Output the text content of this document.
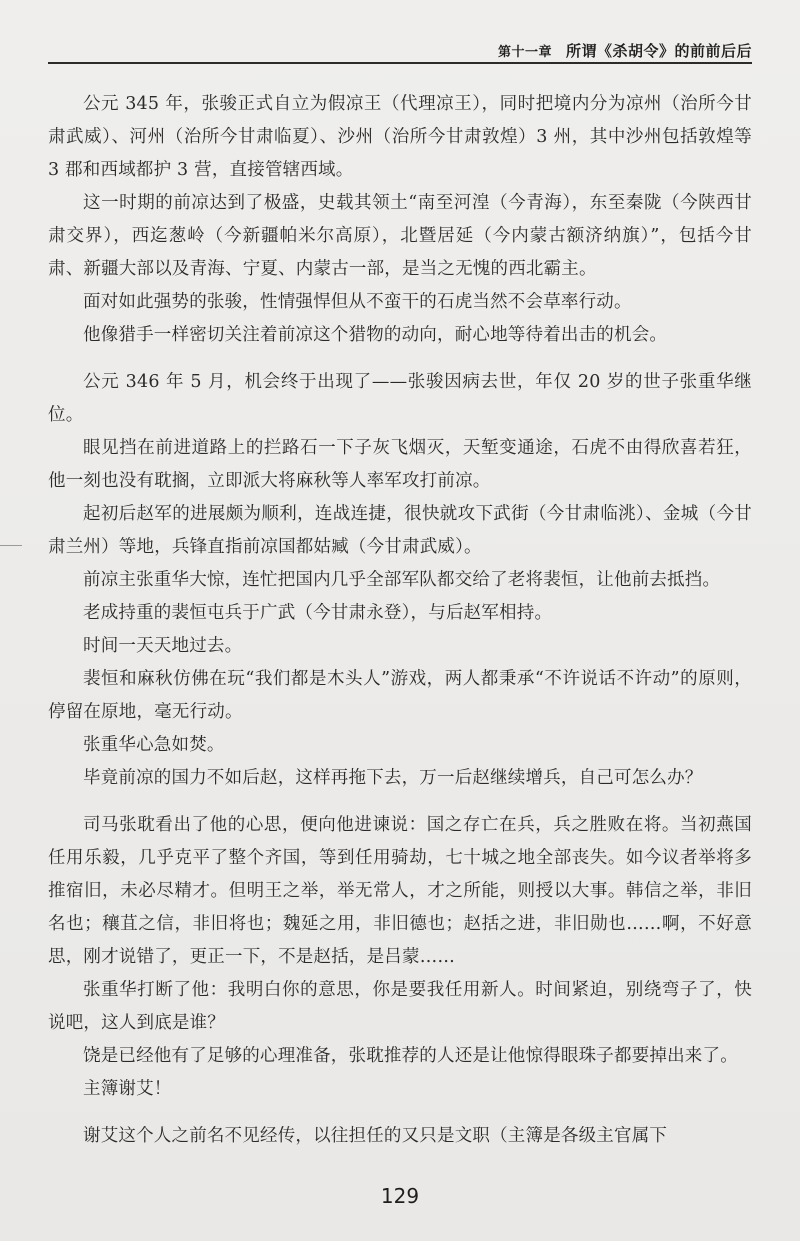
第十一章 所谓《杀胡令》的前前后后

公元 345 年，张骏正式自立为假凉王（代理凉王），同时把境内分为凉州（治所今甘肃武威）、河州（治所今甘肃临夏）、沙州（治所今甘肃敦煌）3 州，其中沙州包括敦煌等 3 郡和西域都护 3 营，直接管辖西域。

这一时期的前凉达到了极盛，史载其领土“南至河湟（今青海），东至秦陇（今陕西甘肃交界），西迄葱岭（今新疆帕米尔高原），北暨居延（今内蒙古额济纳旗）”，包括今甘肃、新疆大部以及青海、宁夏、内蒙古一部，是当之无愧的西北霸主。

面对如此强势的张骏，性情强悍但从不蛮干的石虎当然不会草率行动。

他像猎手一样密切关注着前凉这个猎物的动向，耐心地等待着出击的机会。

公元 346 年 5 月，机会终于出现了——张骏因病去世，年仅 20 岁的世子张重华继位。

眼见挡在前进道路上的拦路石一下子灰飞烟灭，天堑变通途，石虎不由得欣喜若狂，他一刻也没有耽搁，立即派大将麻秋等人率军攻打前凉。

起初后赵军的进展颇为顺利，连战连捷，很快就攻下武街（今甘肃临洮）、金城（今甘肃兰州）等地，兵锋直指前凉国都姑臧（今甘肃武威）。

前凉主张重华大惊，连忙把国内几乎全部军队都交给了老将裴恒，让他前去抵挡。

老成持重的裴恒屯兵于广武（今甘肃永登），与后赵军相持。

时间一天天地过去。

裴恒和麻秋仿佛在玩“我们都是木头人”游戏，两人都秉承“不许说话不许动”的原则，停留在原地，毫无行动。

张重华心急如焚。

毕竟前凉的国力不如后赵，这样再拖下去，万一后赵继续增兵，自己可怎么办？

司马张耽看出了他的心思，便向他进谏说：国之存亡在兵，兵之胜败在将。当初燕国任用乐毅，几乎克平了整个齐国，等到任用骑劫，七十城之地全部丧失。如今议者举将多推宿旧，未必尽精才。但明王之举，举无常人，才之所能，则授以大事。韩信之举，非旧名也；穰苴之信，非旧将也；魏延之用，非旧德也；赵括之进，非旧勋也……啊，不好意思，刚才说错了，更正一下，不是赵括，是吕蒙……

张重华打断了他：我明白你的意思，你是要我任用新人。时间紧迫，别绕弯子了，快说吧，这人到底是谁？

饶是已经他有了足够的心理准备，张耽推荐的人还是让他惊得眼珠子都要掉出来了。

主簿谢艾！

谢艾这个人之前名不见经传，以往担任的又只是文职（主簿是各级主官属下

129
